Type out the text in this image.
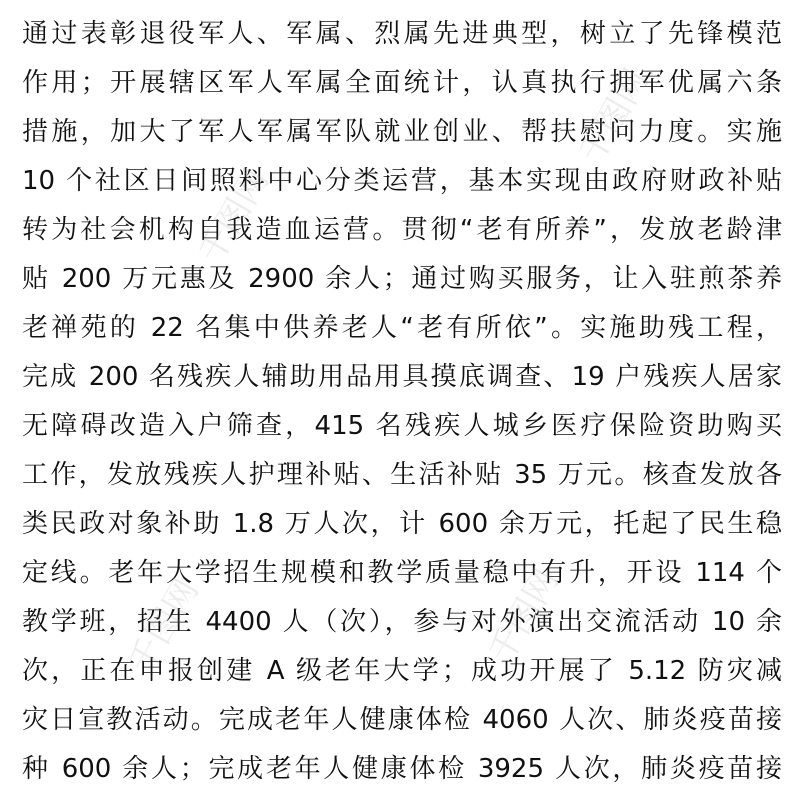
通过表彰退役军人、军属、烈属先进典型，树立了先锋模范
作用；开展辖区军人军属全面统计，认真执行拥军优属六条
措施，加大了军人军属军队就业创业、帮扶慰问力度。实施
10 个社区日间照料中心分类运营，基本实现由政府财政补贴
转为社会机构自我造血运营。贯彻“老有所养”，发放老龄津
贴 200 万元惠及 2900 余人；通过购买服务，让入驻煎茶养
老禅苑的 22 名集中供养老人“老有所依”。实施助残工程，
完成 200 名残疾人辅助用品用具摸底调查、19 户残疾人居家
无障碍改造入户筛查，415 名残疾人城乡医疗保险资助购买
工作，发放残疾人护理补贴、生活补贴 35 万元。核查发放各
类民政对象补助 1.8 万人次，计 600 余万元，托起了民生稳
定线。老年大学招生规模和教学质量稳中有升，开设 114 个
教学班，招生 4400 人（次），参与对外演出交流活动 10 余
次，正在申报创建 A 级老年大学；成功开展了 5.12 防灾减
灾日宣教活动。完成老年人健康体检 4060 人次、肺炎疫苗接
种 600 余人；完成老年人健康体检 3925 人次，肺炎疫苗接
千图网
千图网
千图网
千图网
